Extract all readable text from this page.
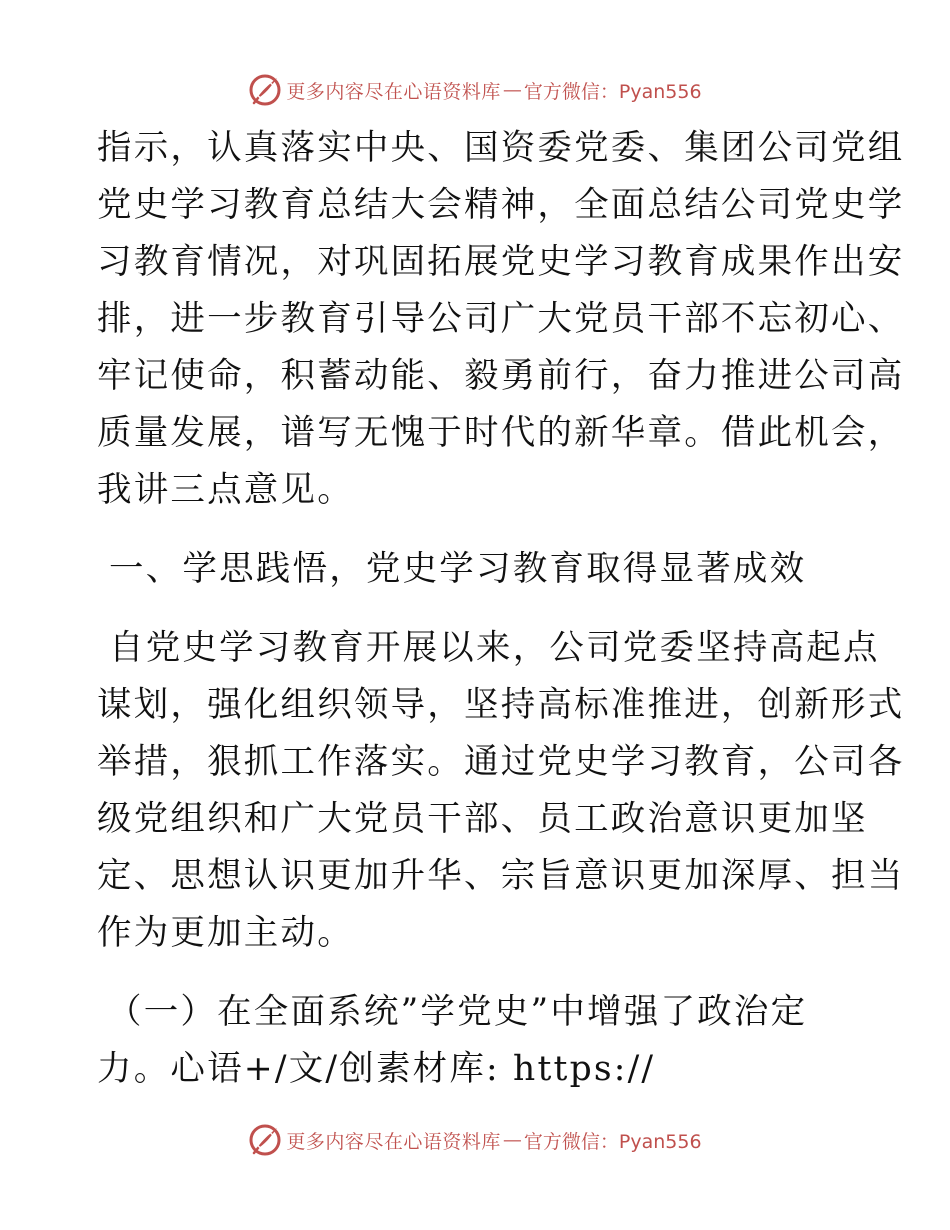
更多内容尽在心语资料库 — 官方微信：Pyan556
指示，认真落实中央、国资委党委、集团公司党组
党史学习教育总结大会精神，全面总结公司党史学
习教育情况，对巩固拓展党史学习教育成果作出安
排，进一步教育引导公司广大党员干部不忘初心、
牢记使命，积蓄动能、毅勇前行，奋力推进公司高
质量发展，谱写无愧于时代的新华章。借此机会，
我讲三点意见。
一、学思践悟，党史学习教育取得显著成效
自党史学习教育开展以来，公司党委坚持高起点
谋划，强化组织领导，坚持高标准推进，创新形式
举措，狠抓工作落实。通过党史学习教育，公司各
级党组织和广大党员干部、员工政治意识更加坚
定、思想认识更加升华、宗旨意识更加深厚、担当
作为更加主动。
（一）在全面系统”学党史”中增强了政治定
力。心语+/文/创素材库: https://
更多内容尽在心语资料库 — 官方微信：Pyan556
